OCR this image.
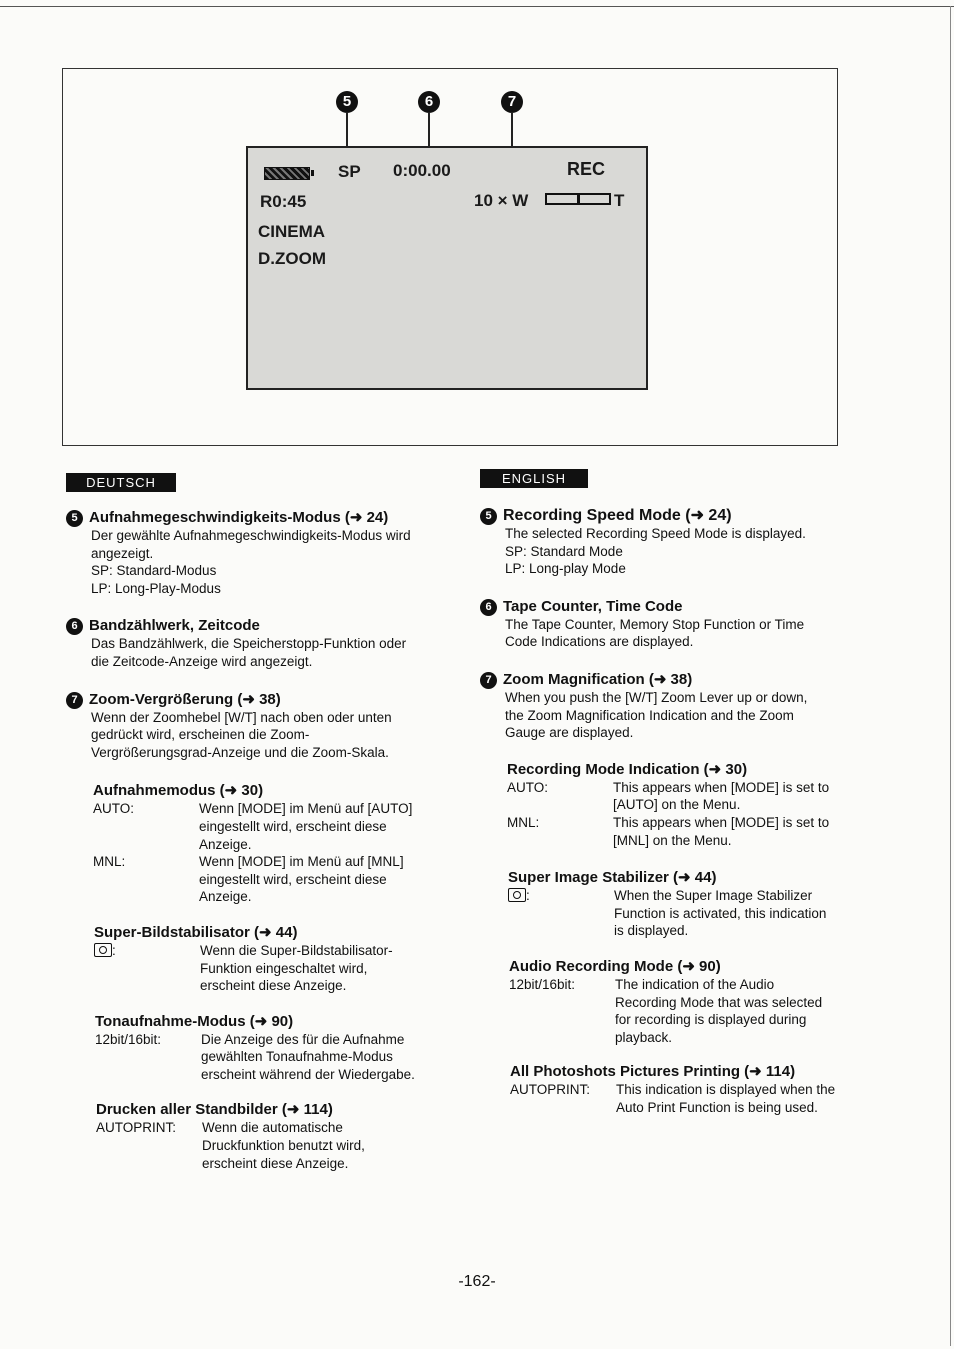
5	6	7
SP 0:00.00	REC
R0:45	10 × W	T
CINEMA
D.ZOOM
DEUTSCH

5 Aufnahmegeschwindigkeits-Modus (➜ 24)

Der gewählte Aufnahmegeschwindigkeits-Modus wird

angezeigt.

SP: Standard-Modus

LP: Long-Play-Modus

6 Bandzählwerk, Zeitcode

Das Bandzählwerk, die Speicherstopp-Funktion oder

die Zeitcode-Anzeige wird angezeigt.

7 Zoom-Vergrößerung (➜ 38)

Wenn der Zoomhebel [W/T] nach oben oder unten

gedrückt wird, erscheinen die Zoom-

Vergrößerungsgrad-Anzeige und die Zoom-Skala.

Aufnahmemodus (➜ 30)

AUTO:	Wenn [MODE] im Menü auf [AUTO]
eingestellt wird, erscheint diese
Anzeige.
MNL:	Wenn [MODE] im Menü auf [MNL]
eingestellt wird, erscheint diese
Anzeige.

Super-Bildstabilisator (➜ 44)

:	Wenn die Super-Bildstabilisator-
Funktion eingeschaltet wird,
erscheint diese Anzeige.

Tonaufnahme-Modus (➜ 90)

12bit/16bit:	Die Anzeige des für die Aufnahme
gewählten Tonaufnahme-Modus
erscheint während der Wiedergabe.

Drucken aller Standbilder (➜ 114)

AUTOPRINT:	Wenn die automatische
Druckfunktion benutzt wird,
erscheint diese Anzeige.
ENGLISH

5 Recording Speed Mode (➜ 24)

The selected Recording Speed Mode is displayed.

SP: Standard Mode

LP: Long-play Mode

6 Tape Counter, Time Code

The Tape Counter, Memory Stop Function or Time

Code Indications are displayed.

7 Zoom Magnification (➜ 38)

When you push the [W/T] Zoom Lever up or down,

the Zoom Magnification Indication and the Zoom

Gauge are displayed.

Recording Mode Indication (➜ 30)

AUTO:	This appears when [MODE] is set to
[AUTO] on the Menu.
MNL:	This appears when [MODE] is set to
[MNL] on the Menu.

Super Image Stabilizer (➜ 44)

:	When the Super Image Stabilizer
Function is activated, this indication
is displayed.

Audio Recording Mode (➜ 90)

12bit/16bit:	The indication of the Audio
Recording Mode that was selected
for recording is displayed during
playback.

All Photoshots Pictures Printing (➜ 114)

AUTOPRINT:	This indication is displayed when the
Auto Print Function is being used.
-162-
